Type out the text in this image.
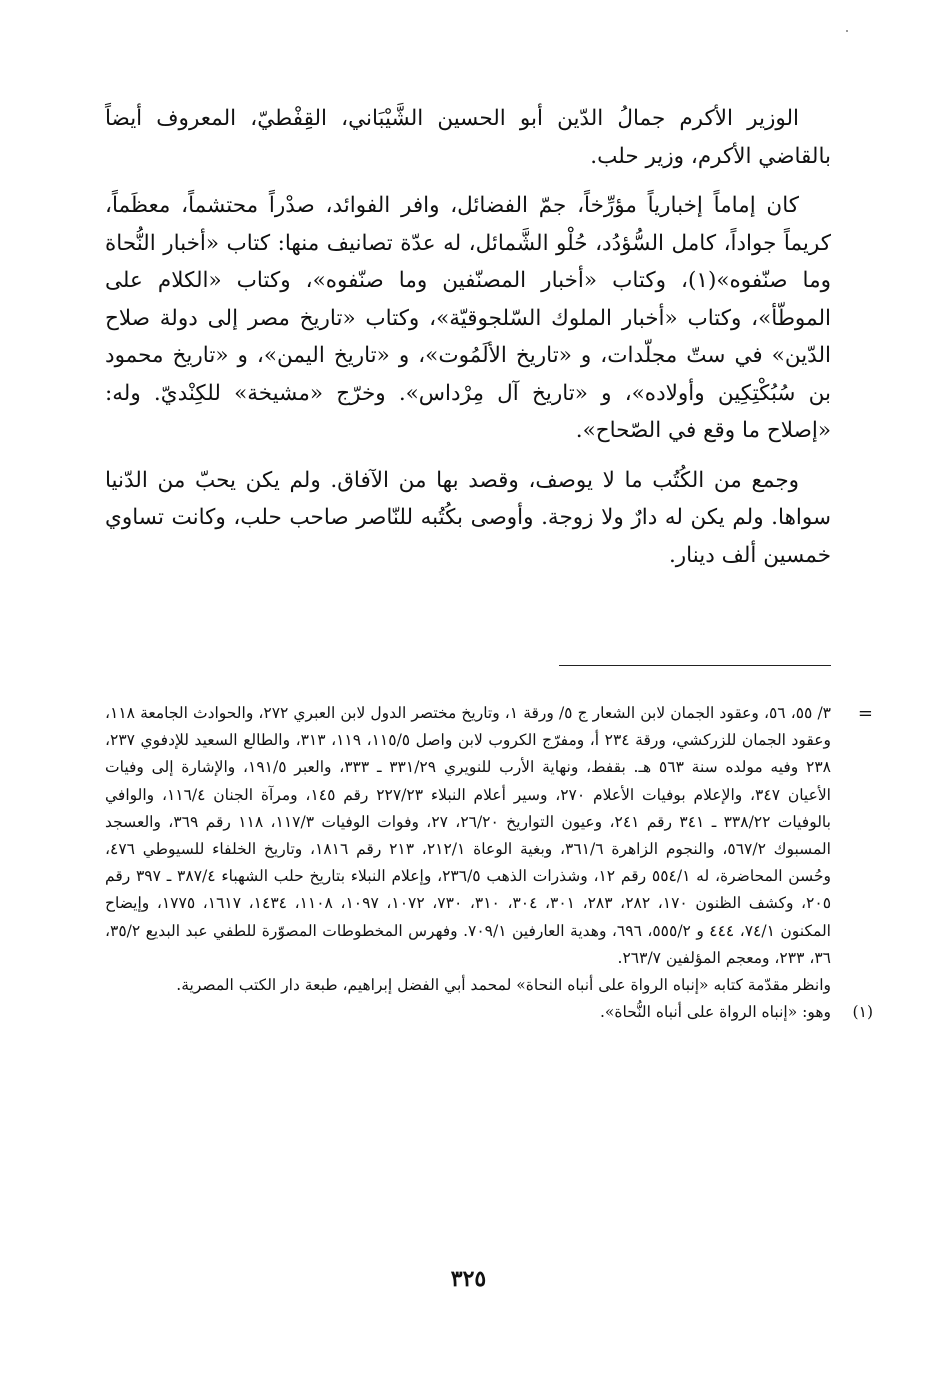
الوزير الأكرم جمالُ الدّين أبو الحسين الشَّيْبَاني، القِفْطيّ، المعروف أيضاً بالقاضي الأكرم، وزير حلب.

كان إماماً إخبارياً مؤرِّخاً، جمّ الفضائل، وافر الفوائد، صدْراً محتشماً، معظَماً، كريماً جواداً، كامل السُّؤدُد، حُلْو الشَّمائل، له عدّة تصانيف منها: كتاب «أخبار النُّحاة وما صنّفوه»(١)، وكتاب «أخبار المصنّفين وما صنّفوه»، وكتاب «الكلام على الموطّأ»، وكتاب «أخبار الملوك السّلجوقيّة»، وكتاب «تاريخ مصر إلى دولة صلاح الدّين» في ستّ مجلّدات، و «تاريخ الألَمُوت»، و «تاريخ اليمن»، و «تاريخ محمود بن سُبُكْتِكِين وأولاده»، و «تاريخ آل مِرْداس». وخرّج «مشيخة» للكِنْديّ. وله: «إصلاح ما وقع في الصّحاح».

وجمع من الكُتُب ما لا يوصف، وقصد بها من الآفاق. ولم يكن يحبّ من الدّنيا سواها. ولم يكن له دارٌ ولا زوجة. وأوصى بكُتُبه للنّاصر صاحب حلب، وكانت تساوي خمسين ألف دينار.

=

٣/ ٥٥، ٥٦، وعقود الجمان لابن الشعار ج ٥/ ورقة ١، وتاريخ مختصر الدول لابن العبري ٢٧٢، والحوادث الجامعة ١١٨، وعقود الجمان للزركشي، ورقة ٢٣٤ أ، ومفرّج الكروب لابن واصل ١١٥/٥، ١١٩، ٣١٣، والطالع السعيد للإدفوي ٢٣٧، ٢٣٨ وفيه مولده سنة ٥٦٣ هـ. بقفط، ونهاية الأرب للنويري ٣٣١/٢٩ ـ ٣٣٣، والعبر ١٩١/٥، والإشارة إلى وفيات الأعيان ٣٤٧، والإعلام بوفيات الأعلام ٢٧٠، وسير أعلام النبلاء ٢٢٧/٢٣ رقم ١٤٥، ومرآة الجنان ١١٦/٤، والوافي بالوفيات ٣٣٨/٢٢ ـ ٣٤١ رقم ٢٤١، وعيون التواريخ ٢٦/٢٠، ٢٧، وفوات الوفيات ١١٧/٣، ١١٨ رقم ٣٦٩، والعسجد المسبوك ٥٦٧/٢، والنجوم الزاهرة ٣٦١/٦، وبغية الوعاة ٢١٢/١، ٢١٣ رقم ١٨١٦، وتاريخ الخلفاء للسيوطي ٤٧٦، وحُسن المحاضرة، له ٥٥٤/١ رقم ١٢، وشذرات الذهب ٢٣٦/٥، وإعلام النبلاء بتاريخ حلب الشهباء ٣٨٧/٤ ـ ٣٩٧ رقم ٢٠٥، وكشف الظنون ١٧٠، ٢٨٢، ٢٨٣، ٣٠١، ٣٠٤، ٣١٠، ٧٣٠، ١٠٧٢، ١٠٩٧، ١١٠٨، ١٤٣٤، ١٦١٧، ١٧٧٥، وإيضاح المكنون ٧٤/١، ٤٤٤ و ٥٥٥/٢، ٦٩٦، وهدية العارفين ٧٠٩/١. وفهرس المخطوطات المصوّرة للطفي عبد البديع ٣٥/٢، ٣٦، ٢٣٣، ومعجم المؤلفين ٢٦٣/٧.

وانظر مقدّمة كتابه «إنباه الرواة على أنباه النحاة» لمحمد أبي الفضل إبراهيم، طبعة دار الكتب المصرية.

(١)

وهو: «إنباه الرواة على أنباه النُّحاة».

٣٢٥
